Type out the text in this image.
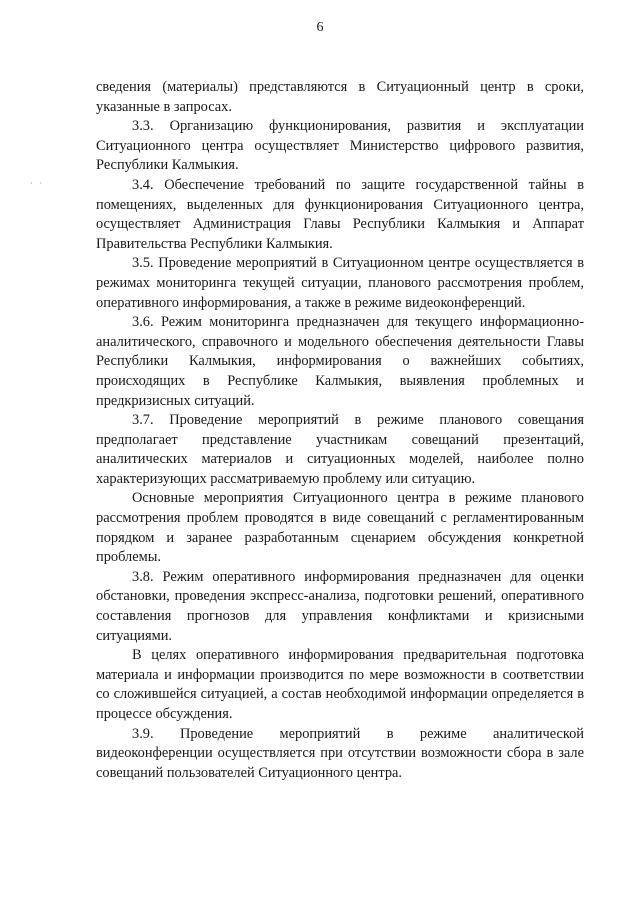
6
· ·

сведения (материалы) представляются в Ситуационный центр в сроки, указанные в запросах.

3.3. Организацию функционирования, развития и эксплуатации Ситуационного центра осуществляет Министерство цифрового развития, Республики Калмыкия.

3.4. Обеспечение требований по защите государственной тайны в помещениях, выделенных для функционирования Ситуационного центра, осуществляет Администрация Главы Республики Калмыкия и Аппарат Правительства Республики Калмыкия.

3.5. Проведение мероприятий в Ситуационном центре осуществляется в режимах мониторинга текущей ситуации, планового рассмотрения проблем, оперативного информирования, а также в режиме видеоконференций.

3.6. Режим мониторинга предназначен для текущего информационно-аналитического, справочного и модельного обеспечения деятельности Главы Республики Калмыкия, информирования о важнейших событиях, происходящих в Республике Калмыкия, выявления проблемных и предкризисных ситуаций.

3.7. Проведение мероприятий в режиме планового совещания предполагает представление участникам совещаний презентаций, аналитических материалов и ситуационных моделей, наиболее полно характеризующих рассматриваемую проблему или ситуацию.

Основные мероприятия Ситуационного центра в режиме планового рассмотрения проблем проводятся в виде совещаний с регламентированным порядком и заранее разработанным сценарием обсуждения конкретной проблемы.

3.8. Режим оперативного информирования предназначен для оценки обстановки, проведения экспресс-анализа, подготовки решений, оперативного составления прогнозов для управления конфликтами и кризисными ситуациями.

В целях оперативного информирования предварительная подготовка материала и информации производится по мере возможности в соответствии со сложившейся ситуацией, а состав необходимой информации определяется в процессе обсуждения.

3.9. Проведение мероприятий в режиме аналитической видеоконференции осуществляется при отсутствии возможности сбора в зале совещаний пользователей Ситуационного центра.
